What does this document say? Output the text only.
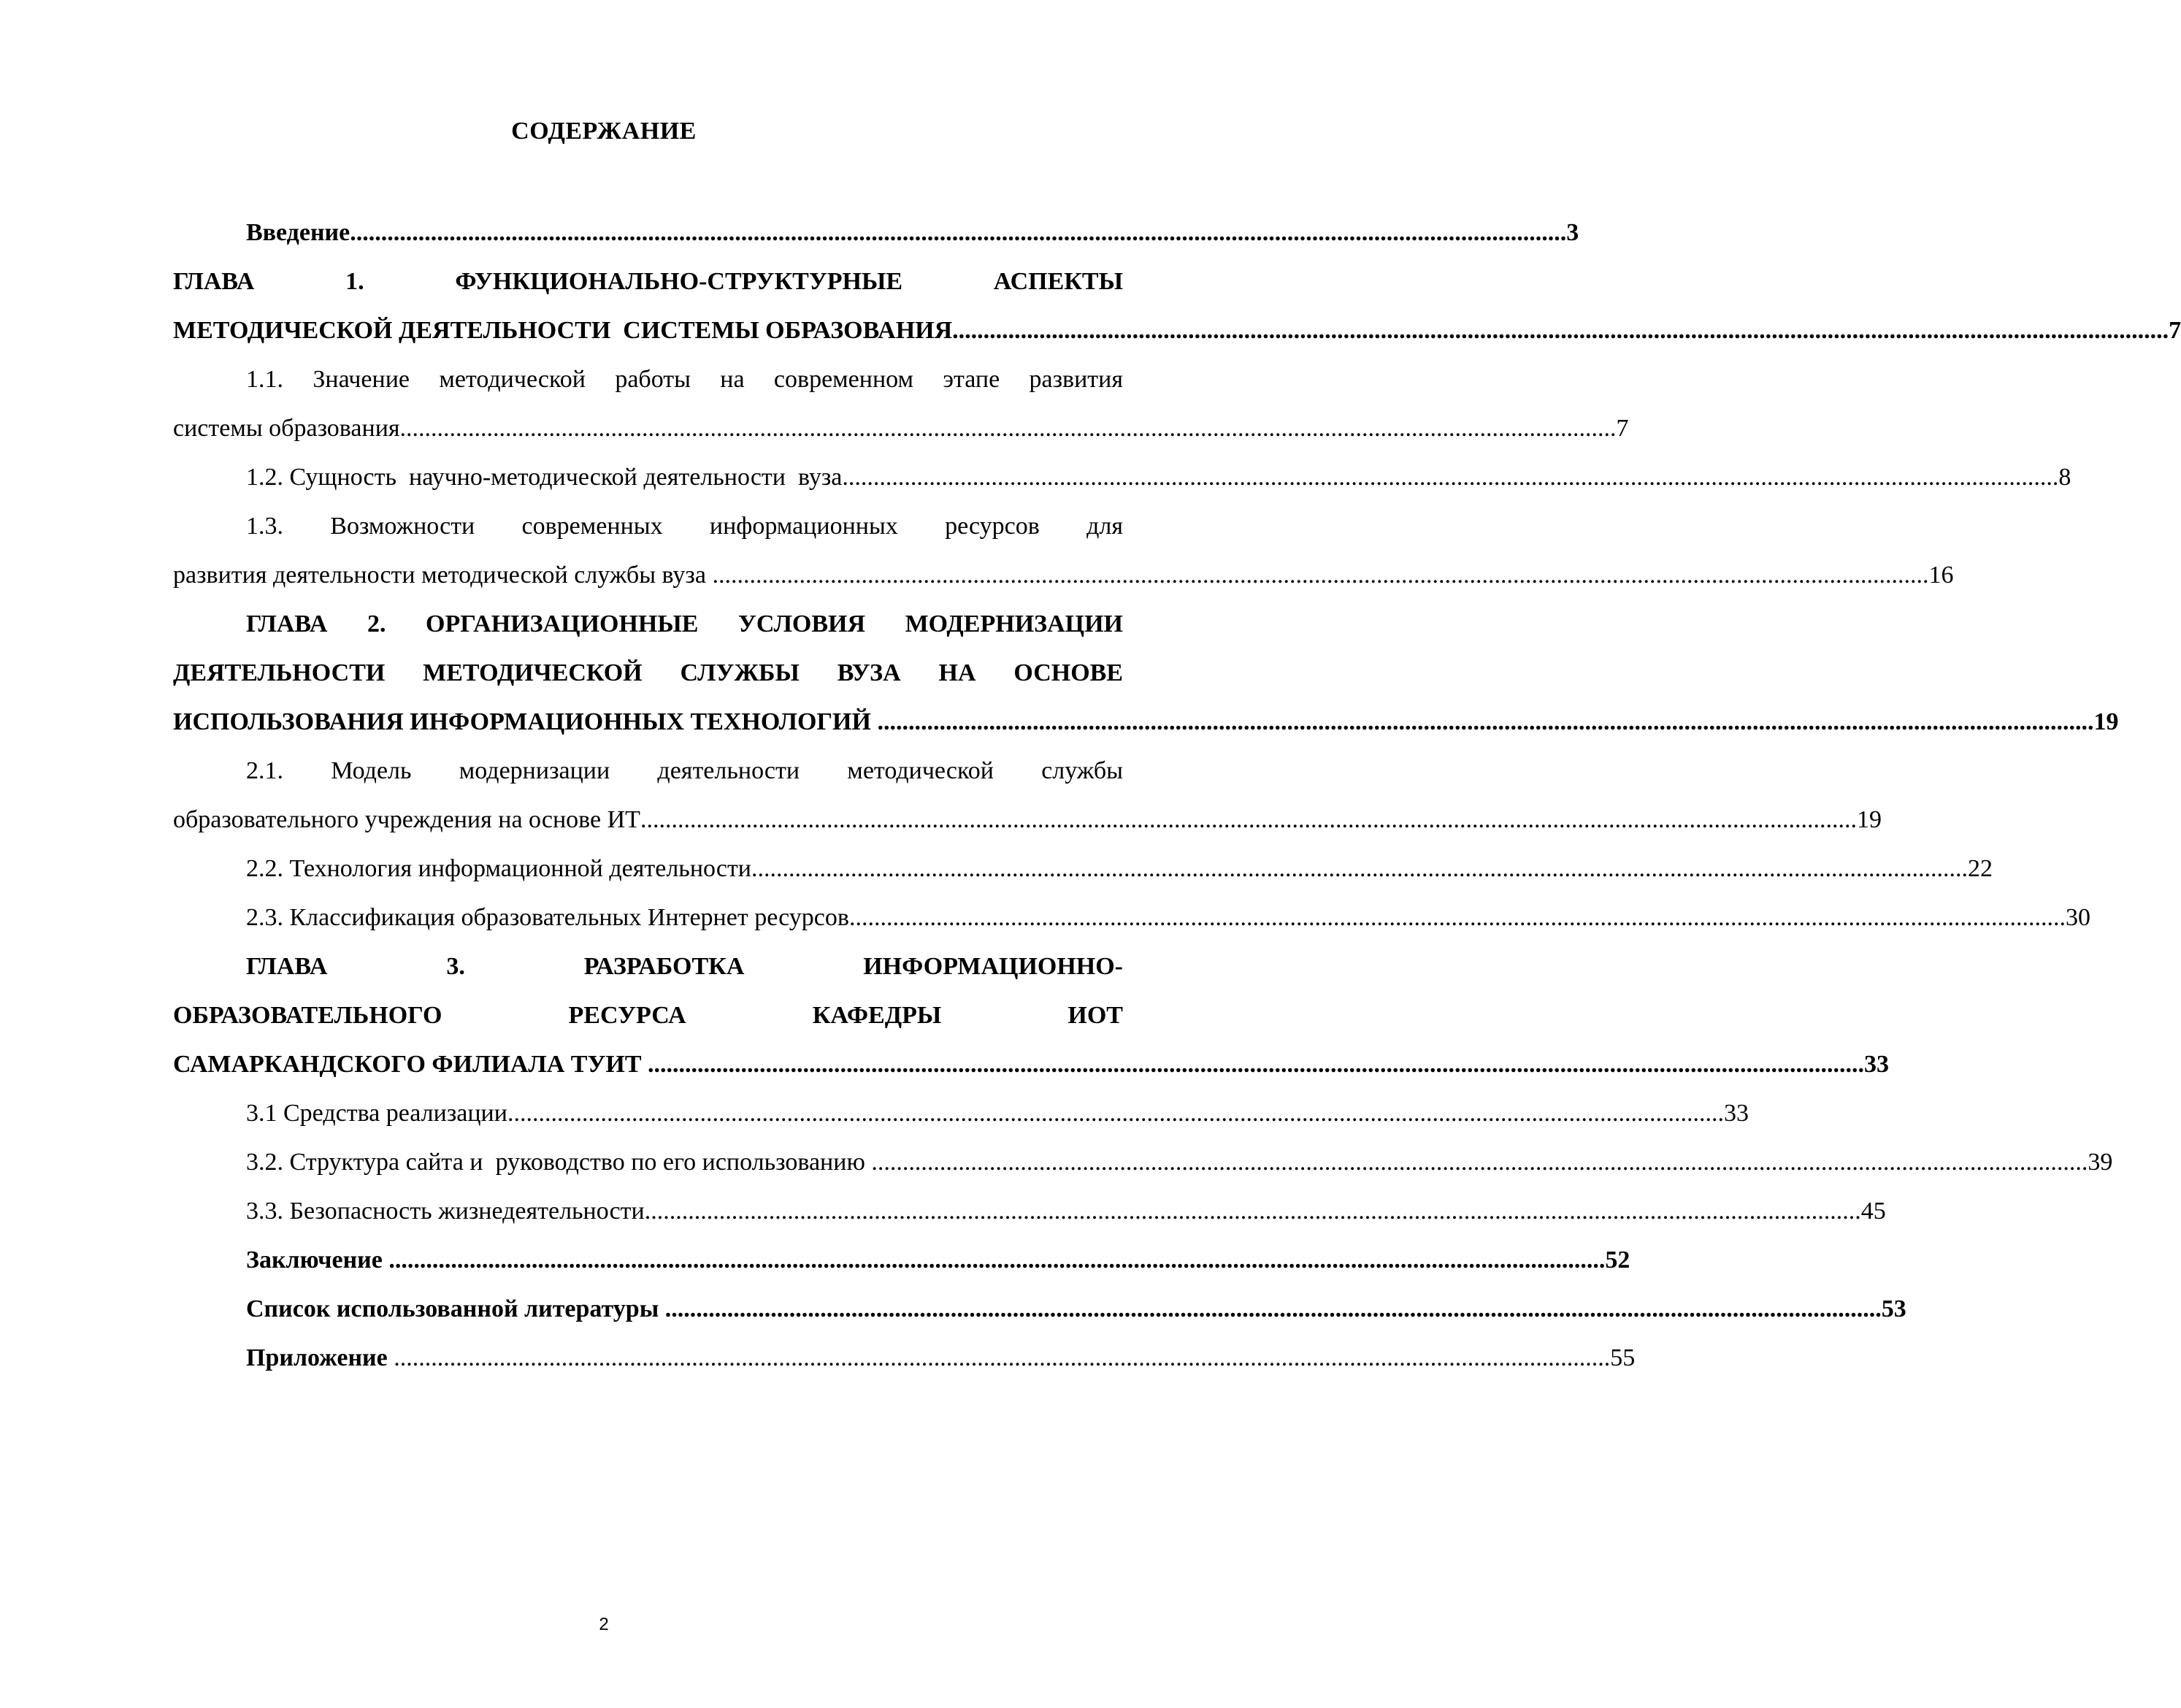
СОДЕРЖАНИЕ
Введение .................................................................................................................................................................................................... 3
ГЛАВА 1. ФУНКЦИОНАЛЬНО-СТРУКТУРНЫЕ АСПЕКТЫ
МЕТОДИЧЕСКОЙ ДЕЯТЕЛЬНОСТИ  СИСТЕМЫ ОБРАЗОВАНИЯ .................................................................................................................................................................................................... 7
1.1. Значение методической работы на современном этапе развития
системы образования .................................................................................................................................................................................................... 7
1.2. Сущность  научно-методической деятельности  вуза .................................................................................................................................................................................................... 8
1.3. Возможности современных информационных ресурсов для
развития деятельности методической службы вуза .................................................................................................................................................................................................... 16
ГЛАВА 2. ОРГАНИЗАЦИОННЫЕ УСЛОВИЯ МОДЕРНИЗАЦИИ
ДЕЯТЕЛЬНОСТИ МЕТОДИЧЕСКОЙ СЛУЖБЫ ВУЗА НА ОСНОВЕ
ИСПОЛЬЗОВАНИЯ ИНФОРМАЦИОННЫХ ТЕХНОЛОГИЙ .................................................................................................................................................................................................... 19
2.1. Модель модернизации деятельности методической службы
образовательного учреждения на основе ИТ .................................................................................................................................................................................................... 19
2.2. Технология информационной деятельности .................................................................................................................................................................................................... 22
2.3. Классификация образовательных Интернет ресурсов .................................................................................................................................................................................................... 30
ГЛАВА 3. РАЗРАБОТКА ИНФОРМАЦИОННО-
ОБРАЗОВАТЕЛЬНОГО РЕСУРСА КАФЕДРЫ ИОТ
САМАРКАНДСКОГО ФИЛИАЛА ТУИТ .................................................................................................................................................................................................... 33
3.1 Средства реализации .................................................................................................................................................................................................... 33
3.2. Структура сайта и  руководство по его использованию .................................................................................................................................................................................................... 39
3.3. Безопасность жизнедеятельности .................................................................................................................................................................................................... 45
Заключение .................................................................................................................................................................................................... 52
Список использованной литературы .................................................................................................................................................................................................... 53
Приложение .................................................................................................................................................................................................... 55
2
